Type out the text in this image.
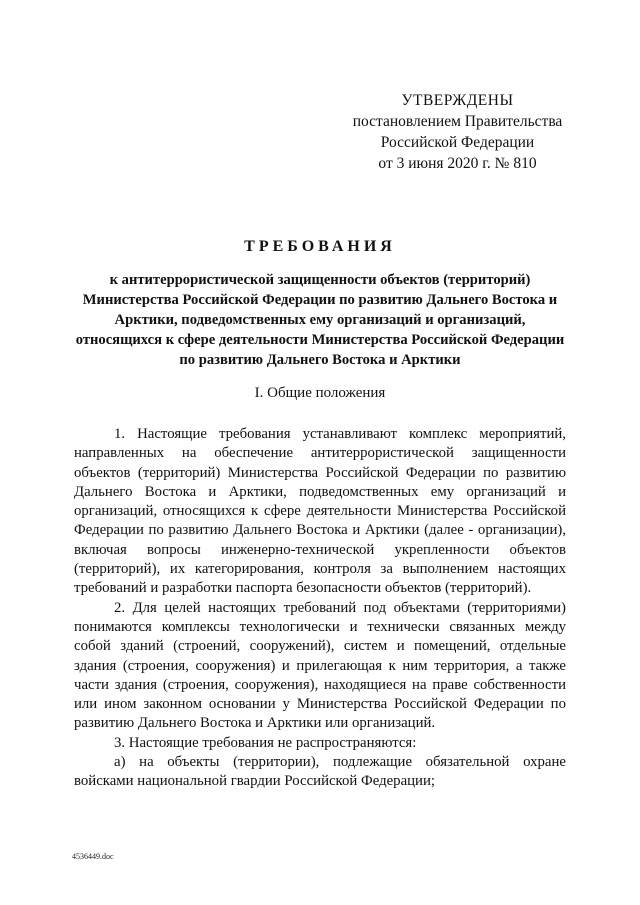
УТВЕРЖДЕНЫ
постановлением Правительства
Российской Федерации
от 3 июня 2020 г. № 810
ТРЕБОВАНИЯ
к антитеррористической защищенности объектов (территорий) Министерства Российской Федерации по развитию Дальнего Востока и Арктики, подведомственных ему организаций и организаций, относящихся к сфере деятельности Министерства Российской Федерации по развитию Дальнего Востока и Арктики
I. Общие положения

1. Настоящие требования устанавливают комплекс мероприятий, направленных на обеспечение антитеррористической защищенности объектов (территорий) Министерства Российской Федерации по развитию Дальнего Востока и Арктики, подведомственных ему организаций и организаций, относящихся к сфере деятельности Министерства Российской Федерации по развитию Дальнего Востока и Арктики (далее - организации), включая вопросы инженерно-технической укрепленности объектов (территорий), их категорирования, контроля за выполнением настоящих требований и разработки паспорта безопасности объектов (территорий).

2. Для целей настоящих требований под объектами (территориями) понимаются комплексы технологически и технически связанных между собой зданий (строений, сооружений), систем и помещений, отдельные здания (строения, сооружения) и прилегающая к ним территория, а также части здания (строения, сооружения), находящиеся на праве собственности или ином законном основании у Министерства Российской Федерации по развитию Дальнего Востока и Арктики или организаций.

3. Настоящие требования не распространяются:

а) на объекты (территории), подлежащие обязательной охране войсками национальной гвардии Российской Федерации;

4536449.doc
